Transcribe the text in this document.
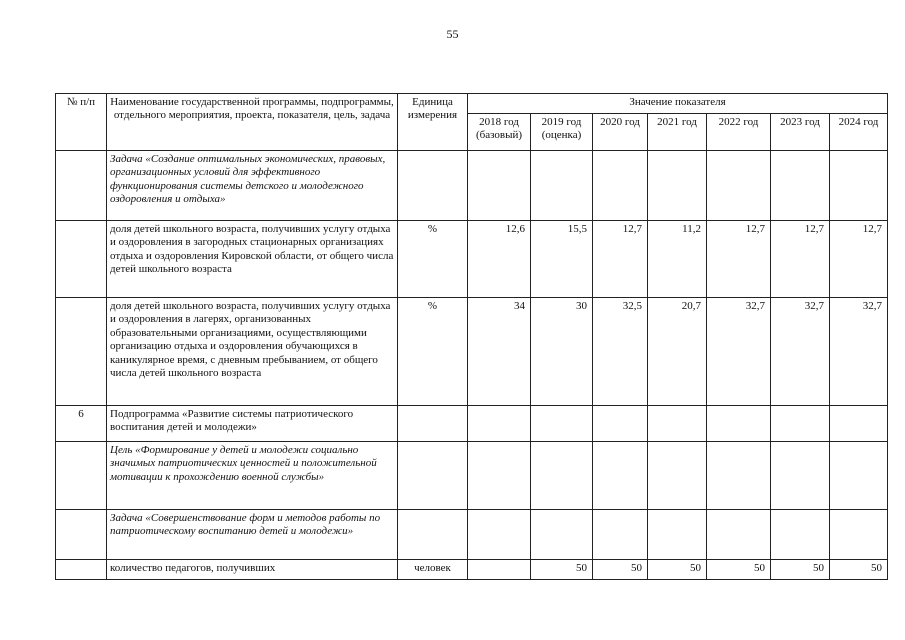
55
№ п/п	Наименование государственной программы, подпрограммы, отдельного мероприятия, проекта, показателя, цель, задача	Единица измерения	Значение показателя						
			2018 год (базовый)	2019 год (оценка)	2020 год	2021 год	2022 год	2023 год	2024 год
	Задача «Создание оптимальных экономических, правовых, организационных условий для эффективного функционирования системы детского и молодежного оздоровления и отдыха»								
	доля детей школьного возраста, получивших услугу отдыха и оздоровления в загородных стационарных организациях отдыха и оздоровления Кировской области, от общего числа детей школьного возраста	%	12,6	15,5	12,7	11,2	12,7	12,7	12,7
	доля детей школьного возраста, получивших услугу отдыха и оздоровления в лагерях, организованных образовательными организациями, осуществляющими организацию отдыха и оздоровления обучающихся в каникулярное время, с дневным пребыванием, от общего числа детей школьного возраста	%	34	30	32,5	20,7	32,7	32,7	32,7
6	Подпрограмма «Развитие системы патриотического воспитания детей и молодежи»								
	Цель «Формирование у детей и молодежи социально значимых патриотических ценностей и положительной мотивации к прохождению военной службы»								
	Задача «Совершенствование форм и методов работы по патриотическому воспитанию детей и молодежи»								
	количество педагогов, получивших	человек		50	50	50	50	50	50
